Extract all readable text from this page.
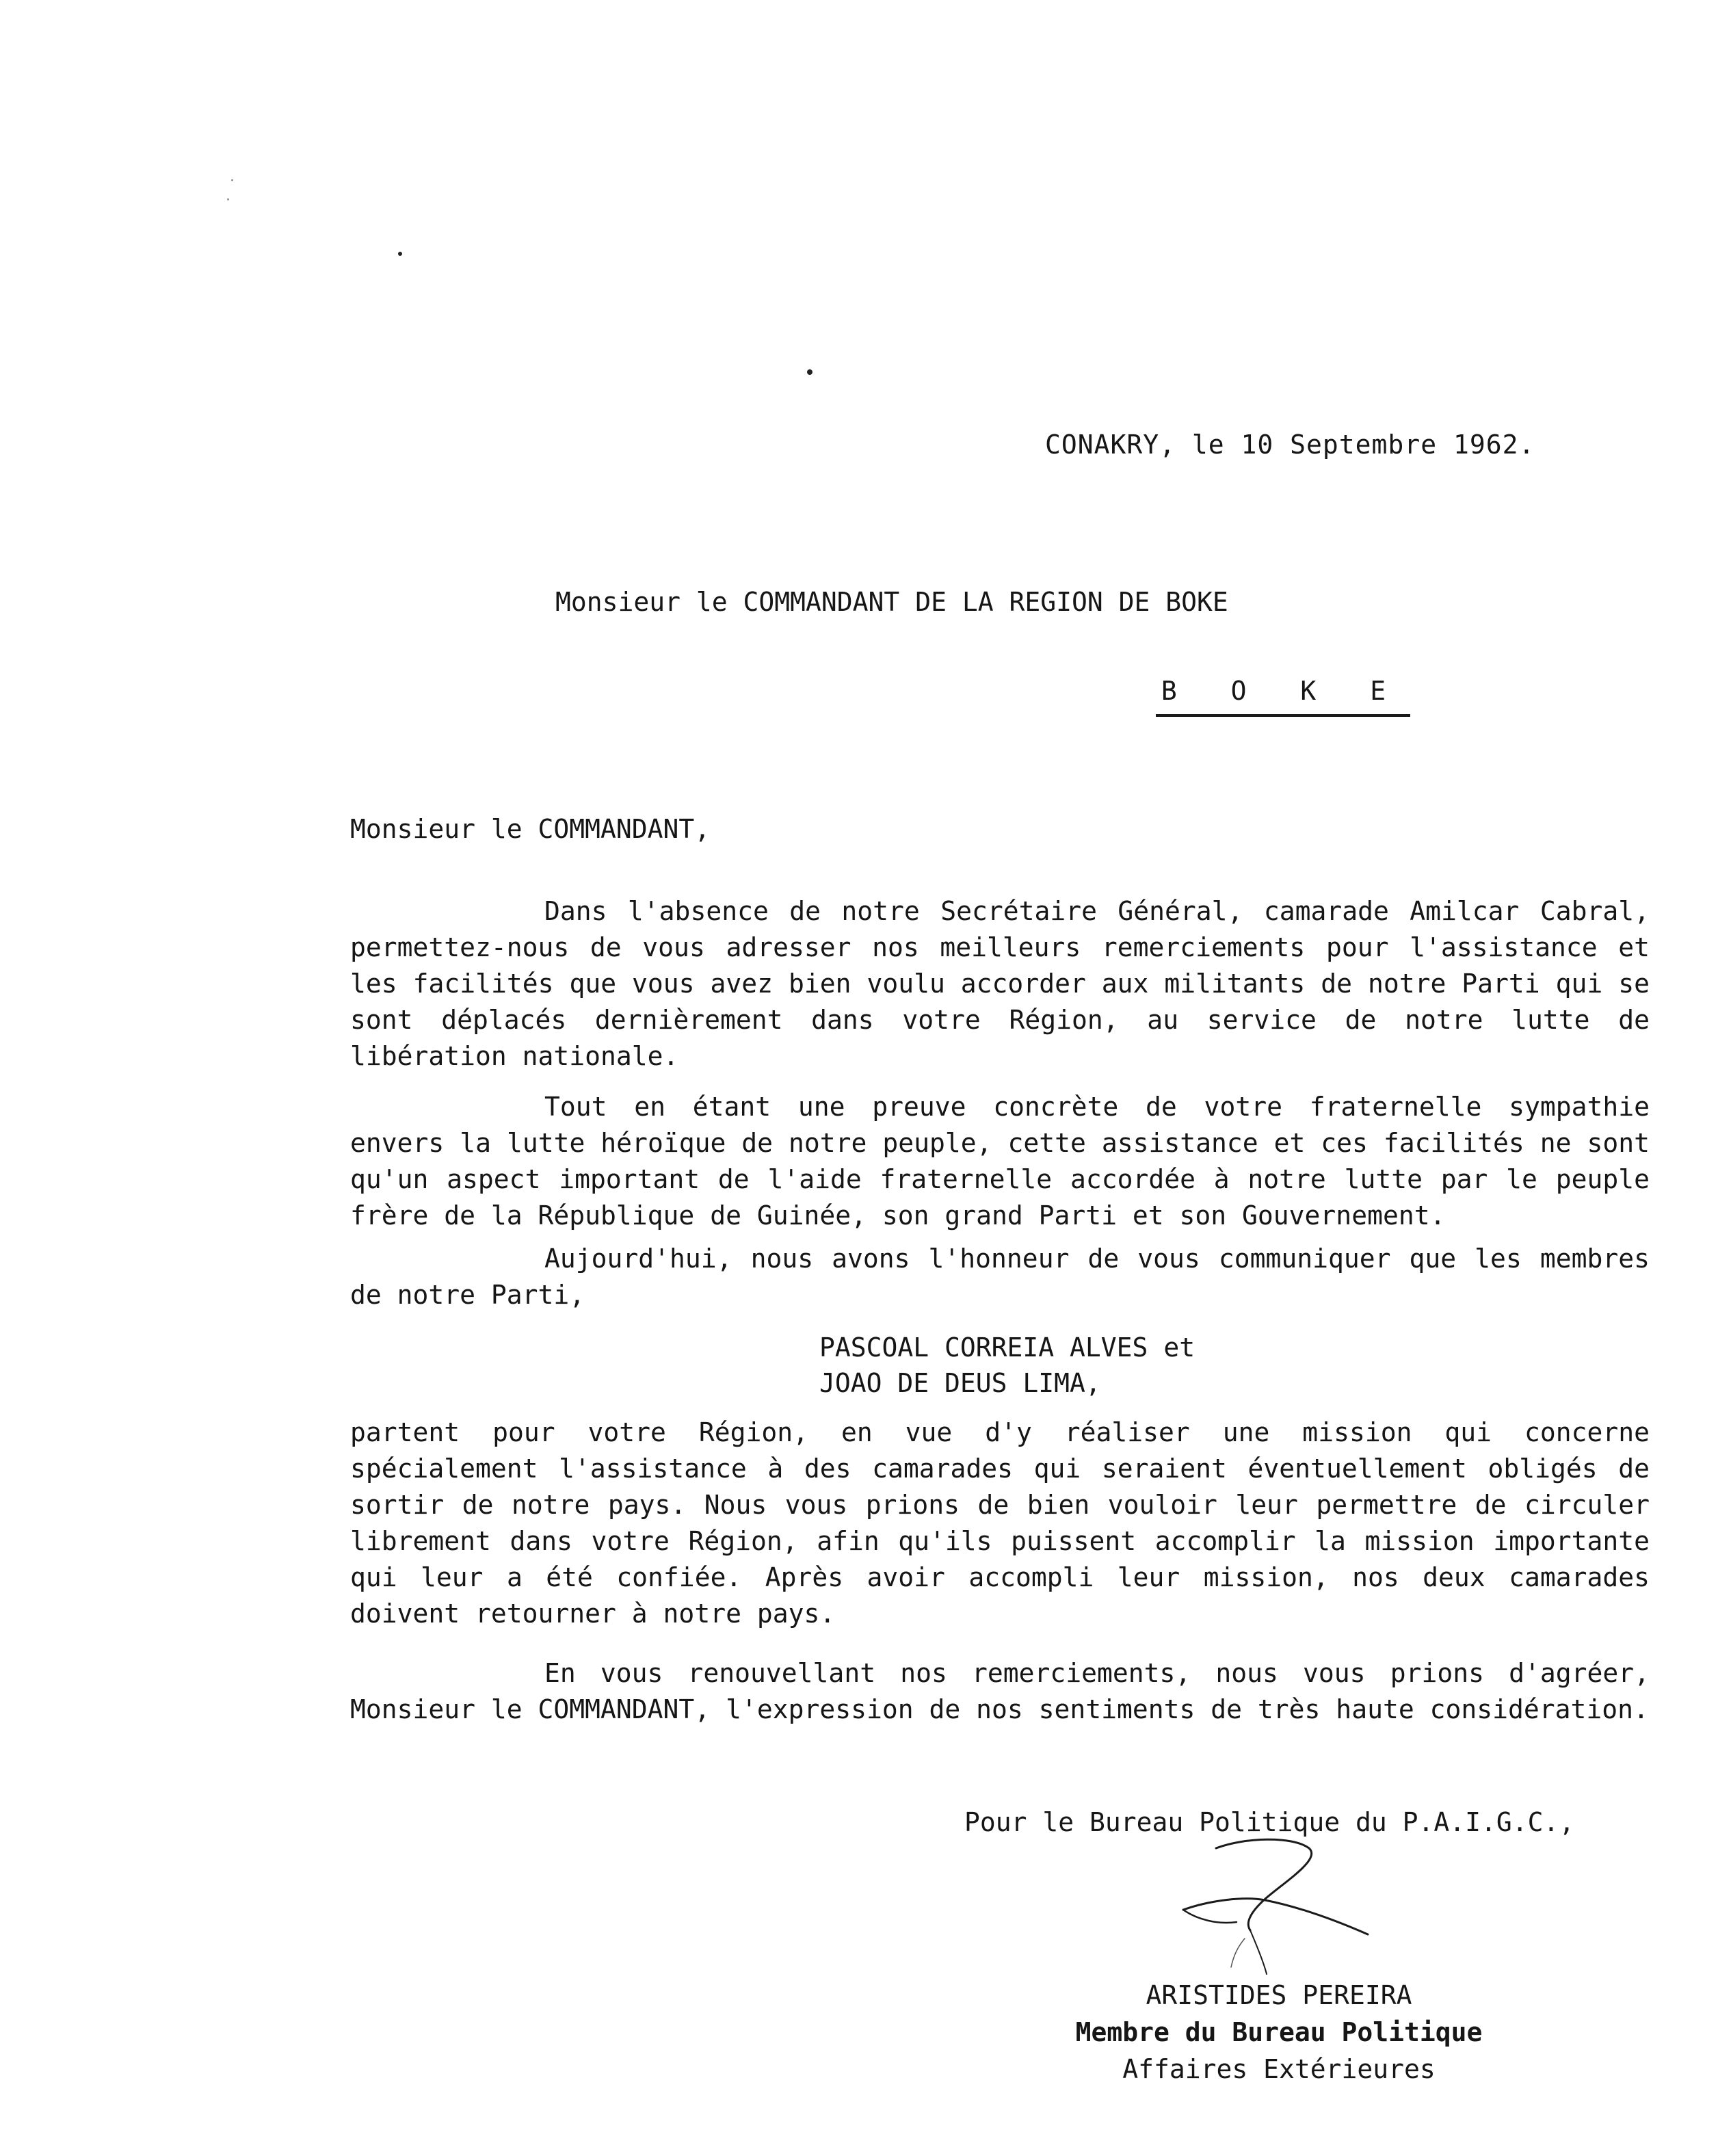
CONAKRY, le 10 Septembre 1962.
Monsieur le COMMANDANT DE LA REGION DE BOKE
B O K E
Monsieur le COMMANDANT,
Dans l'absence de notre Secrétaire Général, camarade Amilcar Cabral, permettez-nous de vous adresser nos meilleurs remerciements pour l'assistance et les facilités que vous avez bien voulu accorder aux militants de notre Parti qui se sont déplacés dernièrement dans votre Région, au service de notre lutte de libération nationale.
Tout en étant une preuve concrète de votre fraternelle sympathie envers la lutte héroïque de notre peuple, cette assistance et ces facilités ne sont qu'un aspect important de l'aide fraternelle accordée à notre lutte par le peuple frère de la République de Guinée, son grand Parti et son Gouvernement.
Aujourd'hui, nous avons l'honneur de vous communiquer que les membres de notre Parti,
PASCOAL CORREIA ALVES et
JOAO DE DEUS LIMA,
partent pour votre Région, en vue d'y réaliser une mission qui concerne spécialement l'assistance à des camarades qui seraient éventuellement obligés de sortir de notre pays. Nous vous prions de bien vouloir leur permettre de circuler librement dans votre Région, afin qu'ils puissent accomplir la mission importante qui leur a été confiée. Après avoir accompli leur mission, nos deux camarades doivent retourner à notre pays.
En vous renouvellant nos remerciements, nous vous prions d'agréer, Monsieur le COMMANDANT, l'expression de nos sentiments de très haute considération.
Pour le Bureau Politique du P.A.I.G.C.,
ARISTIDES PEREIRA
Membre du Bureau Politique
Affaires Extérieures
